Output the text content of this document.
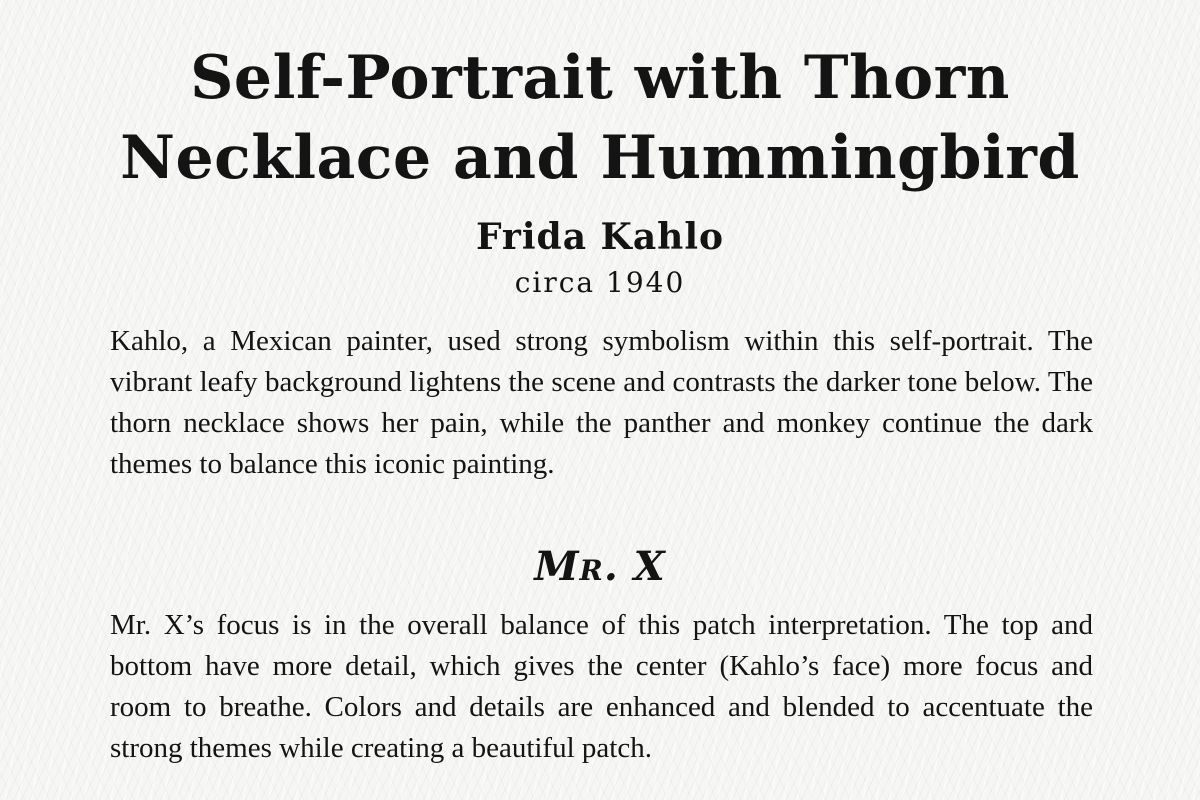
Self-Portrait with Thorn
Necklace and Hummingbird
Frida Kahlo

circa 1940

Kahlo, a Mexican painter, used strong symbolism within this self-portrait. The vibrant leafy background lightens the scene and contrasts the darker tone below. The thorn necklace shows her pain, while the panther and monkey continue the dark themes to balance this iconic painting.

Mr. X

Mr. X’s focus is in the overall balance of this patch interpretation. The top and bottom have more detail, which gives the center (Kahlo’s face) more focus and room to breathe. Colors and details are enhanced and blended to accentuate the strong themes while creating a beautiful patch.
